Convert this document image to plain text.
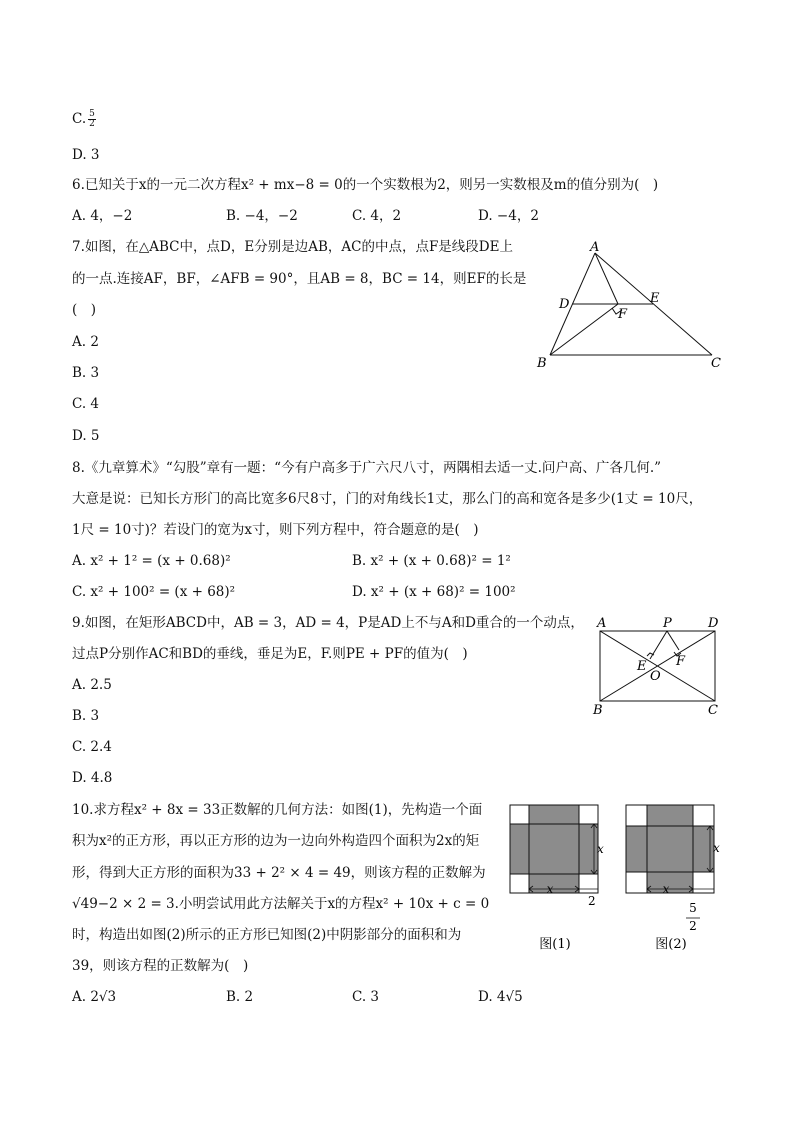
C. $\frac{5}{2}$
D. 3
6.已知关于x的一元二次方程x² + mx−8 = 0的一个实数根为2，则另一实数根及m的值分别为(　)
A. 4，−2	B. −4，−2	C. 4，2	D. −4，2
7.如图，在△ABC中，点D，E分别是边AB，AC的中点，点F是线段DE上
的一点.连接AF，BF，∠AFB = 90°，且AB = 8，BC = 14，则EF的长是
(　)
A. 2
B. 3
C. 4
D. 5
A
B	C
D	E
F
8.《九章算术》“勾股”章有一题：“今有户高多于广六尺八寸，两隅相去适一丈.问户高、广各几何.”
大意是说：已知长方形门的高比宽多6尺8寸，门的对角线长1丈，那么门的高和宽各是多少(1丈 = 10尺，
1尺 = 10寸)？若设门的宽为x寸，则下列方程中，符合题意的是(　)
A. x² + 1² = (x + 0.68)²	B. x² + (x + 0.68)² = 1²
C. x² + 100² = (x + 68)²	D. x² + (x + 68)² = 100²
9.如图，在矩形ABCD中，AB = 3，AD = 4，P是AD上不与A和D重合的一个动点，
过点P分别作AC和BD的垂线，垂足为E，F.则PE + PF的值为(　)
A. 2.5
B. 3
C. 2.4
D. 4.8
A	P	D
E F
O
B	C
10.求方程x² + 8x = 33正数解的几何方法：如图(1)，先构造一个面
积为x²的正方形，再以正方形的边为一边向外构造四个面积为2x的矩
形，得到大正方形的面积为33 + 2² × 4 = 49，则该方程的正数解为
√49−2 × 2 = 3.小明尝试用此方法解关于x的方程x² + 10x + c = 0
时，构造出如图(2)所示的正方形已知图(2)中阴影部分的面积和为
39，则该方程的正数解为(　)
A. 2√3	B. 2	C. 3	D. 4√5
x
x
2
图(1)
x
x
5
2
图(2)
